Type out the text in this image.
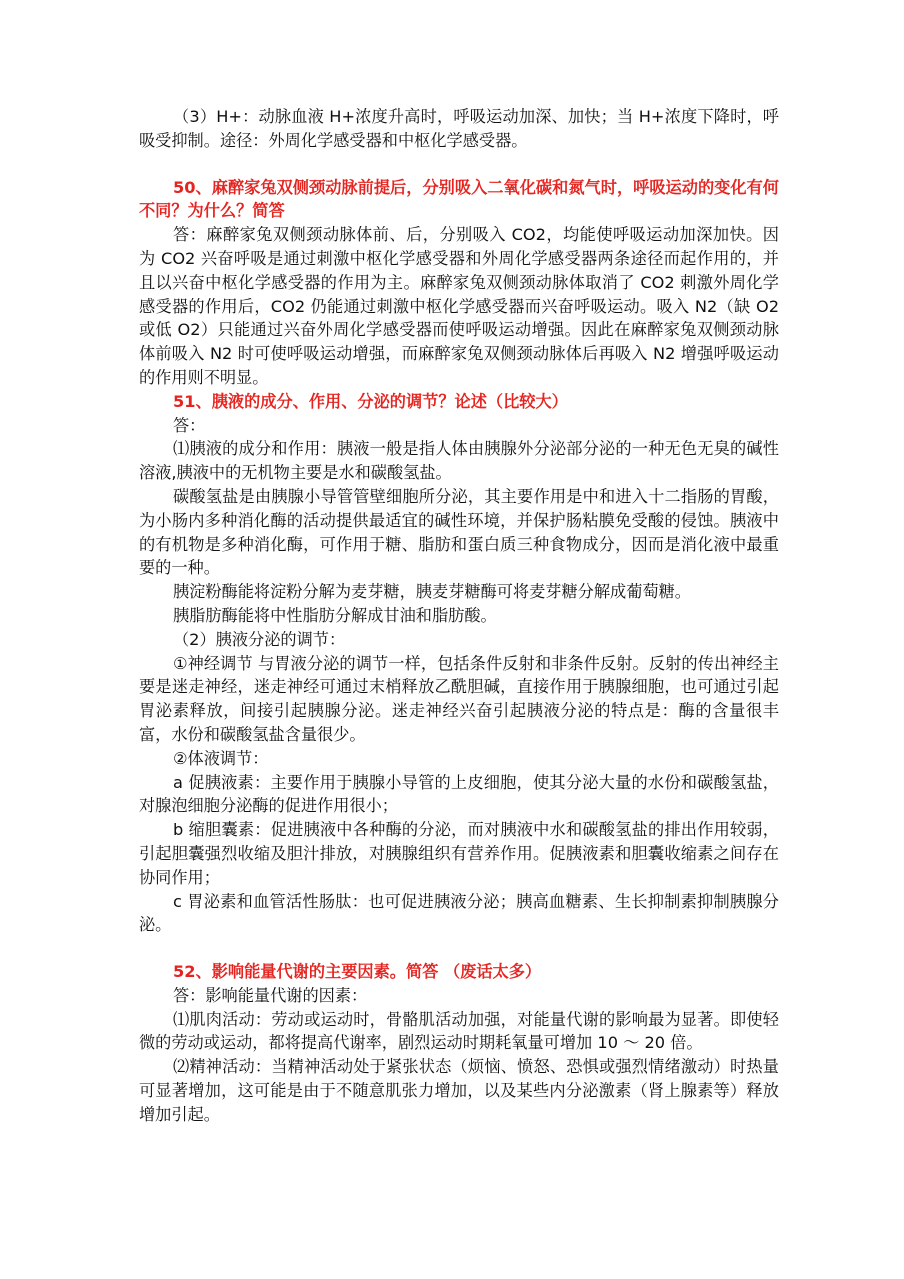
（3）H+：动脉血液 H+浓度升高时，呼吸运动加深、加快；当 H+浓度下降时，呼吸受抑制。途径：外周化学感受器和中枢化学感受器。

50、麻醉家兔双侧颈动脉前提后，分别吸入二氧化碳和氮气时，呼吸运动的变化有何不同？为什么？简答

答：麻醉家兔双侧颈动脉体前、后，分别吸入 CO2，均能使呼吸运动加深加快。因为 CO2 兴奋呼吸是通过刺激中枢化学感受器和外周化学感受器两条途径而起作用的，并且以兴奋中枢化学感受器的作用为主。麻醉家兔双侧颈动脉体取消了 CO2 刺激外周化学感受器的作用后，CO2 仍能通过刺激中枢化学感受器而兴奋呼吸运动。吸入 N2（缺 O2 或低 O2）只能通过兴奋外周化学感受器而使呼吸运动增强。因此在麻醉家兔双侧颈动脉体前吸入 N2 时可使呼吸运动增强，而麻醉家兔双侧颈动脉体后再吸入 N2 增强呼吸运动的作用则不明显。

51、胰液的成分、作用、分泌的调节？论述（比较大）

答：

⑴胰液的成分和作用：胰液一般是指人体由胰腺外分泌部分泌的一种无色无臭的碱性溶液,胰液中的无机物主要是水和碳酸氢盐。

碳酸氢盐是由胰腺小导管管壁细胞所分泌，其主要作用是中和进入十二指肠的胃酸，为小肠内多种消化酶的活动提供最适宜的碱性环境，并保护肠粘膜免受酸的侵蚀。胰液中的有机物是多种消化酶，可作用于糖、脂肪和蛋白质三种食物成分，因而是消化液中最重要的一种。

胰淀粉酶能将淀粉分解为麦芽糖，胰麦芽糖酶可将麦芽糖分解成葡萄糖。

胰脂肪酶能将中性脂肪分解成甘油和脂肪酸。

（2）胰液分泌的调节：

①神经调节 与胃液分泌的调节一样，包括条件反射和非条件反射。反射的传出神经主要是迷走神经，迷走神经可通过末梢释放乙酰胆碱，直接作用于胰腺细胞，也可通过引起胃泌素释放，间接引起胰腺分泌。迷走神经兴奋引起胰液分泌的特点是：酶的含量很丰富，水份和碳酸氢盐含量很少。

②体液调节：

a 促胰液素：主要作用于胰腺小导管的上皮细胞，使其分泌大量的水份和碳酸氢盐，对腺泡细胞分泌酶的促进作用很小；

b 缩胆囊素：促进胰液中各种酶的分泌，而对胰液中水和碳酸氢盐的排出作用较弱，引起胆囊强烈收缩及胆汁排放，对胰腺组织有营养作用。促胰液素和胆囊收缩素之间存在协同作用；

c 胃泌素和血管活性肠肽：也可促进胰液分泌；胰高血糖素、生长抑制素抑制胰腺分泌。

52、影响能量代谢的主要因素。简答 （废话太多）

答：影响能量代谢的因素：

⑴肌肉活动：劳动或运动时，骨骼肌活动加强，对能量代谢的影响最为显著。即使轻微的劳动或运动，都将提高代谢率，剧烈运动时期耗氧量可增加 10 ～ 20 倍。

⑵精神活动：当精神活动处于紧张状态（烦恼、愤怒、恐惧或强烈情绪激动）时热量可显著增加，这可能是由于不随意肌张力增加，以及某些内分泌激素（肾上腺素等）释放增加引起。
